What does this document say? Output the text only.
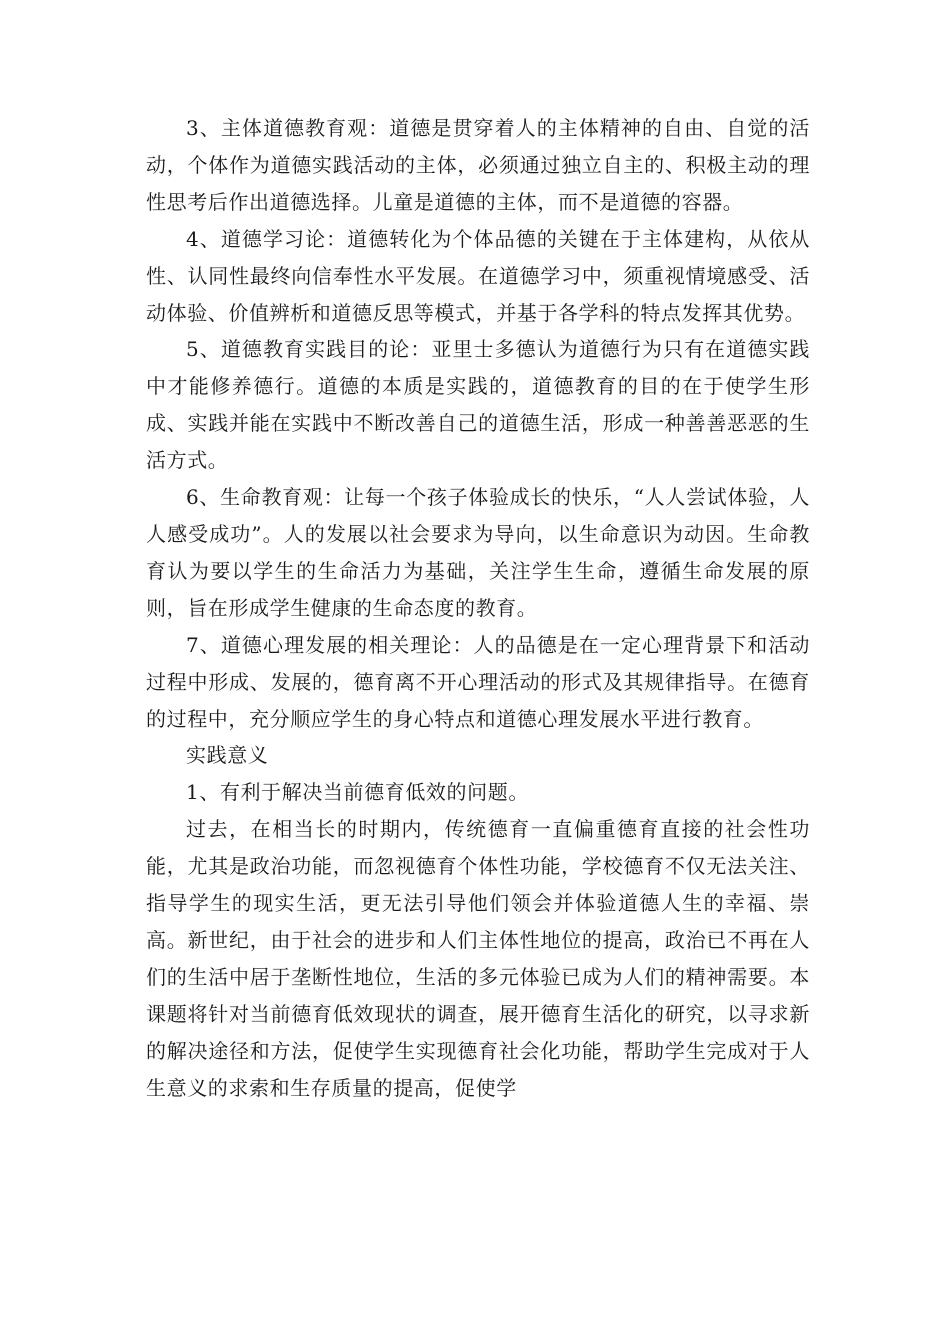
3、主体道德教育观：道德是贯穿着人的主体精神的自由、自觉的活动，个体作为道德实践活动的主体，必须通过独立自主的、积极主动的理性思考后作出道德选择。儿童是道德的主体，而不是道德的容器。

4、道德学习论：道德转化为个体品德的关键在于主体建构，从依从性、认同性最终向信奉性水平发展。在道德学习中，须重视情境感受、活动体验、价值辨析和道德反思等模式，并基于各学科的特点发挥其优势。

5、道德教育实践目的论：亚里士多德认为道德行为只有在道德实践中才能修养德行。道德的本质是实践的，道德教育的目的在于使学生形成、实践并能在实践中不断改善自己的道德生活，形成一种善善恶恶的生活方式。

6、生命教育观：让每一个孩子体验成长的快乐，“人人尝试体验，人人感受成功”。人的发展以社会要求为导向，以生命意识为动因。生命教育认为要以学生的生命活力为基础，关注学生生命，遵循生命发展的原则，旨在形成学生健康的生命态度的教育。

7、道德心理发展的相关理论：人的品德是在一定心理背景下和活动过程中形成、发展的，德育离不开心理活动的形式及其规律指导。在德育的过程中，充分顺应学生的身心特点和道德心理发展水平进行教育。

实践意义

1、有利于解决当前德育低效的问题。

过去，在相当长的时期内，传统德育一直偏重德育直接的社会性功能，尤其是政治功能，而忽视德育个体性功能，学校德育不仅无法关注、指导学生的现实生活，更无法引导他们领会并体验道德人生的幸福、崇高。新世纪，由于社会的进步和人们主体性地位的提高，政治已不再在人们的生活中居于垄断性地位，生活的多元体验已成为人们的精神需要。本课题将针对当前德育低效现状的调查，展开德育生活化的研究，以寻求新的解决途径和方法，促使学生实现德育社会化功能，帮助学生完成对于人生意义的求索和生存质量的提高，促使学
